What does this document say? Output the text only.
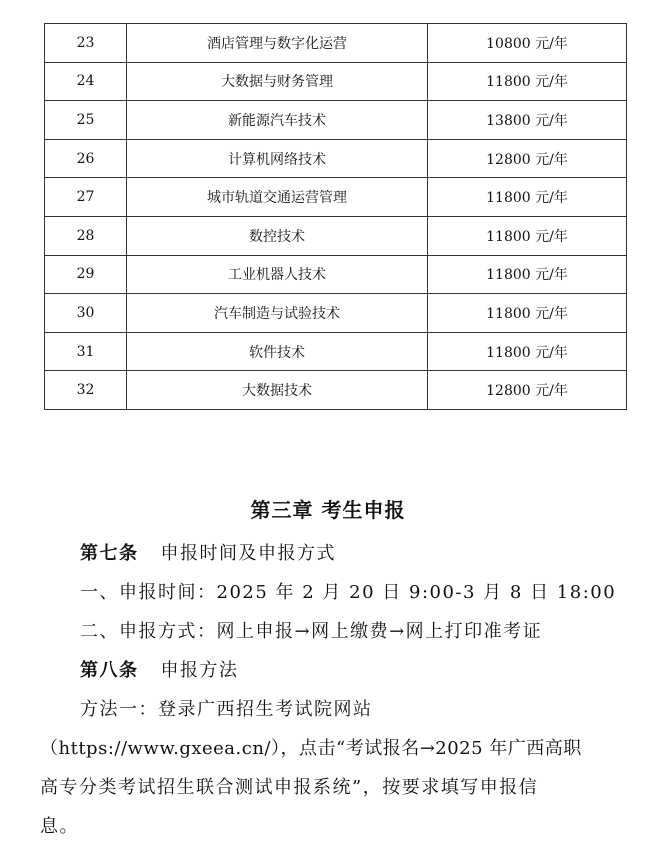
23	酒店管理与数字化运营	10800 元/年
24	大数据与财务管理	11800 元/年
25	新能源汽车技术	13800 元/年
26	计算机网络技术	12800 元/年
27	城市轨道交通运营管理	11800 元/年
28	数控技术	11800 元/年
29	工业机器人技术	11800 元/年
30	汽车制造与试验技术	11800 元/年
31	软件技术	11800 元/年
32	大数据技术	12800 元/年
第三章 考生申报
第七条 申报时间及申报方式
一、申报时间：2025 年 2 月 20 日 9:00-3 月 8 日 18:00
二、申报方式：网上申报→网上缴费→网上打印准考证
第八条 申报方法
方法一：登录广西招生考试院网站
（https://www.gxeea.cn/），点击“考试报名→2025 年广西高职
高专分类考试招生联合测试申报系统”，按要求填写申报信
息。
